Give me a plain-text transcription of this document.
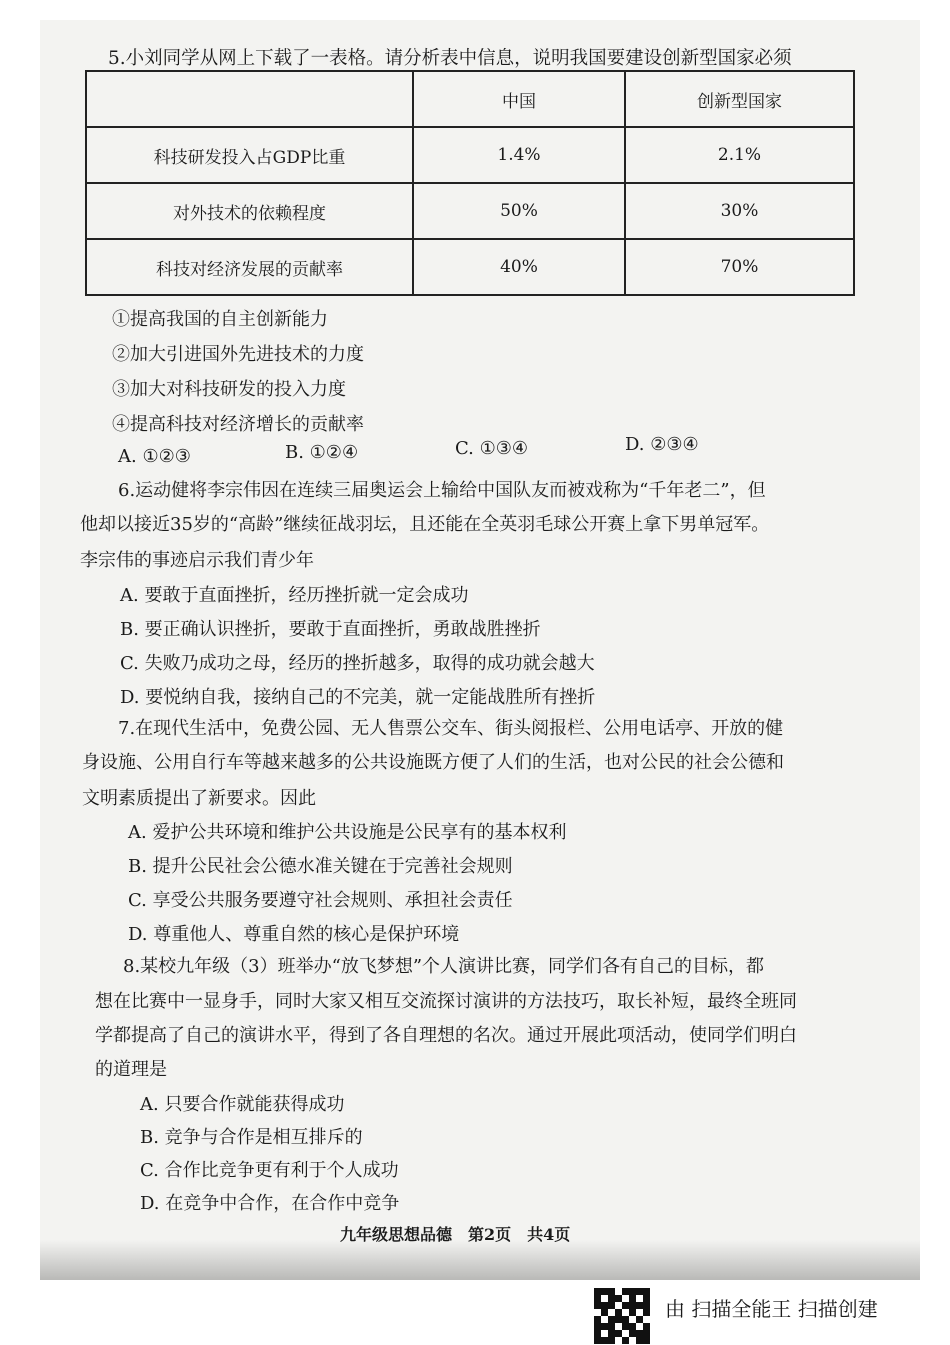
5.小刘同学从网上下载了一表格。请分析表中信息，说明我国要建设创新型国家必须
	中国	创新型国家
科技研发投入占GDP比重	1.4%	2.1%
对外技术的依赖程度	50%	30%
科技对经济发展的贡献率	40%	70%
①提高我国的自主创新能力
②加大引进国外先进技术的力度
③加大对科技研发的投入力度
④提高科技对经济增长的贡献率
A. ①②③	B. ①②④	C. ①③④	D. ②③④
6.运动健将李宗伟因在连续三届奥运会上输给中国队友而被戏称为“千年老二”，但
他却以接近35岁的“高龄”继续征战羽坛，且还能在全英羽毛球公开赛上拿下男单冠军。
李宗伟的事迹启示我们青少年
A. 要敢于直面挫折，经历挫折就一定会成功
B. 要正确认识挫折，要敢于直面挫折，勇敢战胜挫折
C. 失败乃成功之母，经历的挫折越多，取得的成功就会越大
D. 要悦纳自我，接纳自己的不完美，就一定能战胜所有挫折
7.在现代生活中，免费公园、无人售票公交车、街头阅报栏、公用电话亭、开放的健
身设施、公用自行车等越来越多的公共设施既方便了人们的生活，也对公民的社会公德和
文明素质提出了新要求。因此
A. 爱护公共环境和维护公共设施是公民享有的基本权利
B. 提升公民社会公德水准关键在于完善社会规则
C. 享受公共服务要遵守社会规则、承担社会责任
D. 尊重他人、尊重自然的核心是保护环境
8.某校九年级（3）班举办“放飞梦想”个人演讲比赛，同学们各有自己的目标，都
想在比赛中一显身手，同时大家又相互交流探讨演讲的方法技巧，取长补短，最终全班同
学都提高了自己的演讲水平，得到了各自理想的名次。通过开展此项活动，使同学们明白
的道理是
A. 只要合作就能获得成功
B. 竞争与合作是相互排斥的
C. 合作比竞争更有利于个人成功
D. 在竞争中合作，在合作中竞争
九年级思想品德　第2页　共4页
由 扫描全能王 扫描创建
